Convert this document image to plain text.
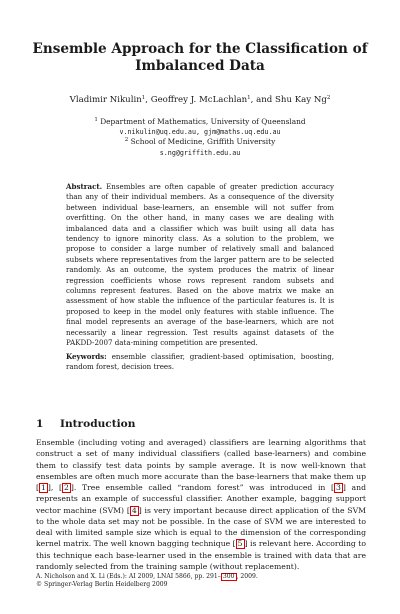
Ensemble Approach for the Classification of Imbalanced Data
Vladimir Nikulin$^1$, Geoffrey J. McLachlan$^1$, and Shu Kay Ng$^2$
$^1$ Department of Mathematics, University of Queensland
v.nikulin@uq.edu.au, gjm@maths.uq.edu.au
$^2$ School of Medicine, Griffith University
s.ng@griffith.edu.au
Abstract. Ensembles are often capable of greater prediction accuracy than any of their individual members. As a consequence of the diversity between individual base-learners, an ensemble will not suffer from overfitting. On the other hand, in many cases we are dealing with imbalanced data and a classifier which was built using all data has tendency to ignore minority class. As a solution to the problem, we propose to consider a large number of relatively small and balanced subsets where representatives from the larger pattern are to be selected randomly. As an outcome, the system produces the matrix of linear regression coefficients whose rows represent random subsets and columns represent features. Based on the above matrix we make an assessment of how stable the influence of the particular features is. It is proposed to keep in the model only features with stable influence. The final model represents an average of the base-learners, which are not necessarily a linear regression. Test results against datasets of the PAKDD-2007 data-mining competition are presented.
Keywords: ensemble classifier, gradient-based optimisation, boosting, random forest, decision trees.
1 Introduction
Ensemble (including voting and averaged) classifiers are learning algorithms that construct a set of many individual classifiers (called base-learners) and combine them to classify test data points by sample average. It is now well-known that ensembles are often much more accurate than the base-learners that make them up [ 1 ], [ 2 ]. Tree ensemble called “random forest” was introduced in [ 3 ] and represents an example of successful classifier. Another example, bagging support vector machine (SVM) [ 4 ] is very important because direct application of the SVM to the whole data set may not be possible. In the case of SVM we are interested to deal with limited sample size which is equal to the dimension of the corresponding kernel matrix. The well known bagging technique [ 5 ] is relevant here. According to this technique each base-learner used in the ensemble is trained with data that are randomly selected from the training sample (without replacement).
A. Nicholson and X. Li (Eds.): AI 2009, LNAI 5866, pp. 291– 300 , 2009.
© Springer-Verlag Berlin Heidelberg 2009
